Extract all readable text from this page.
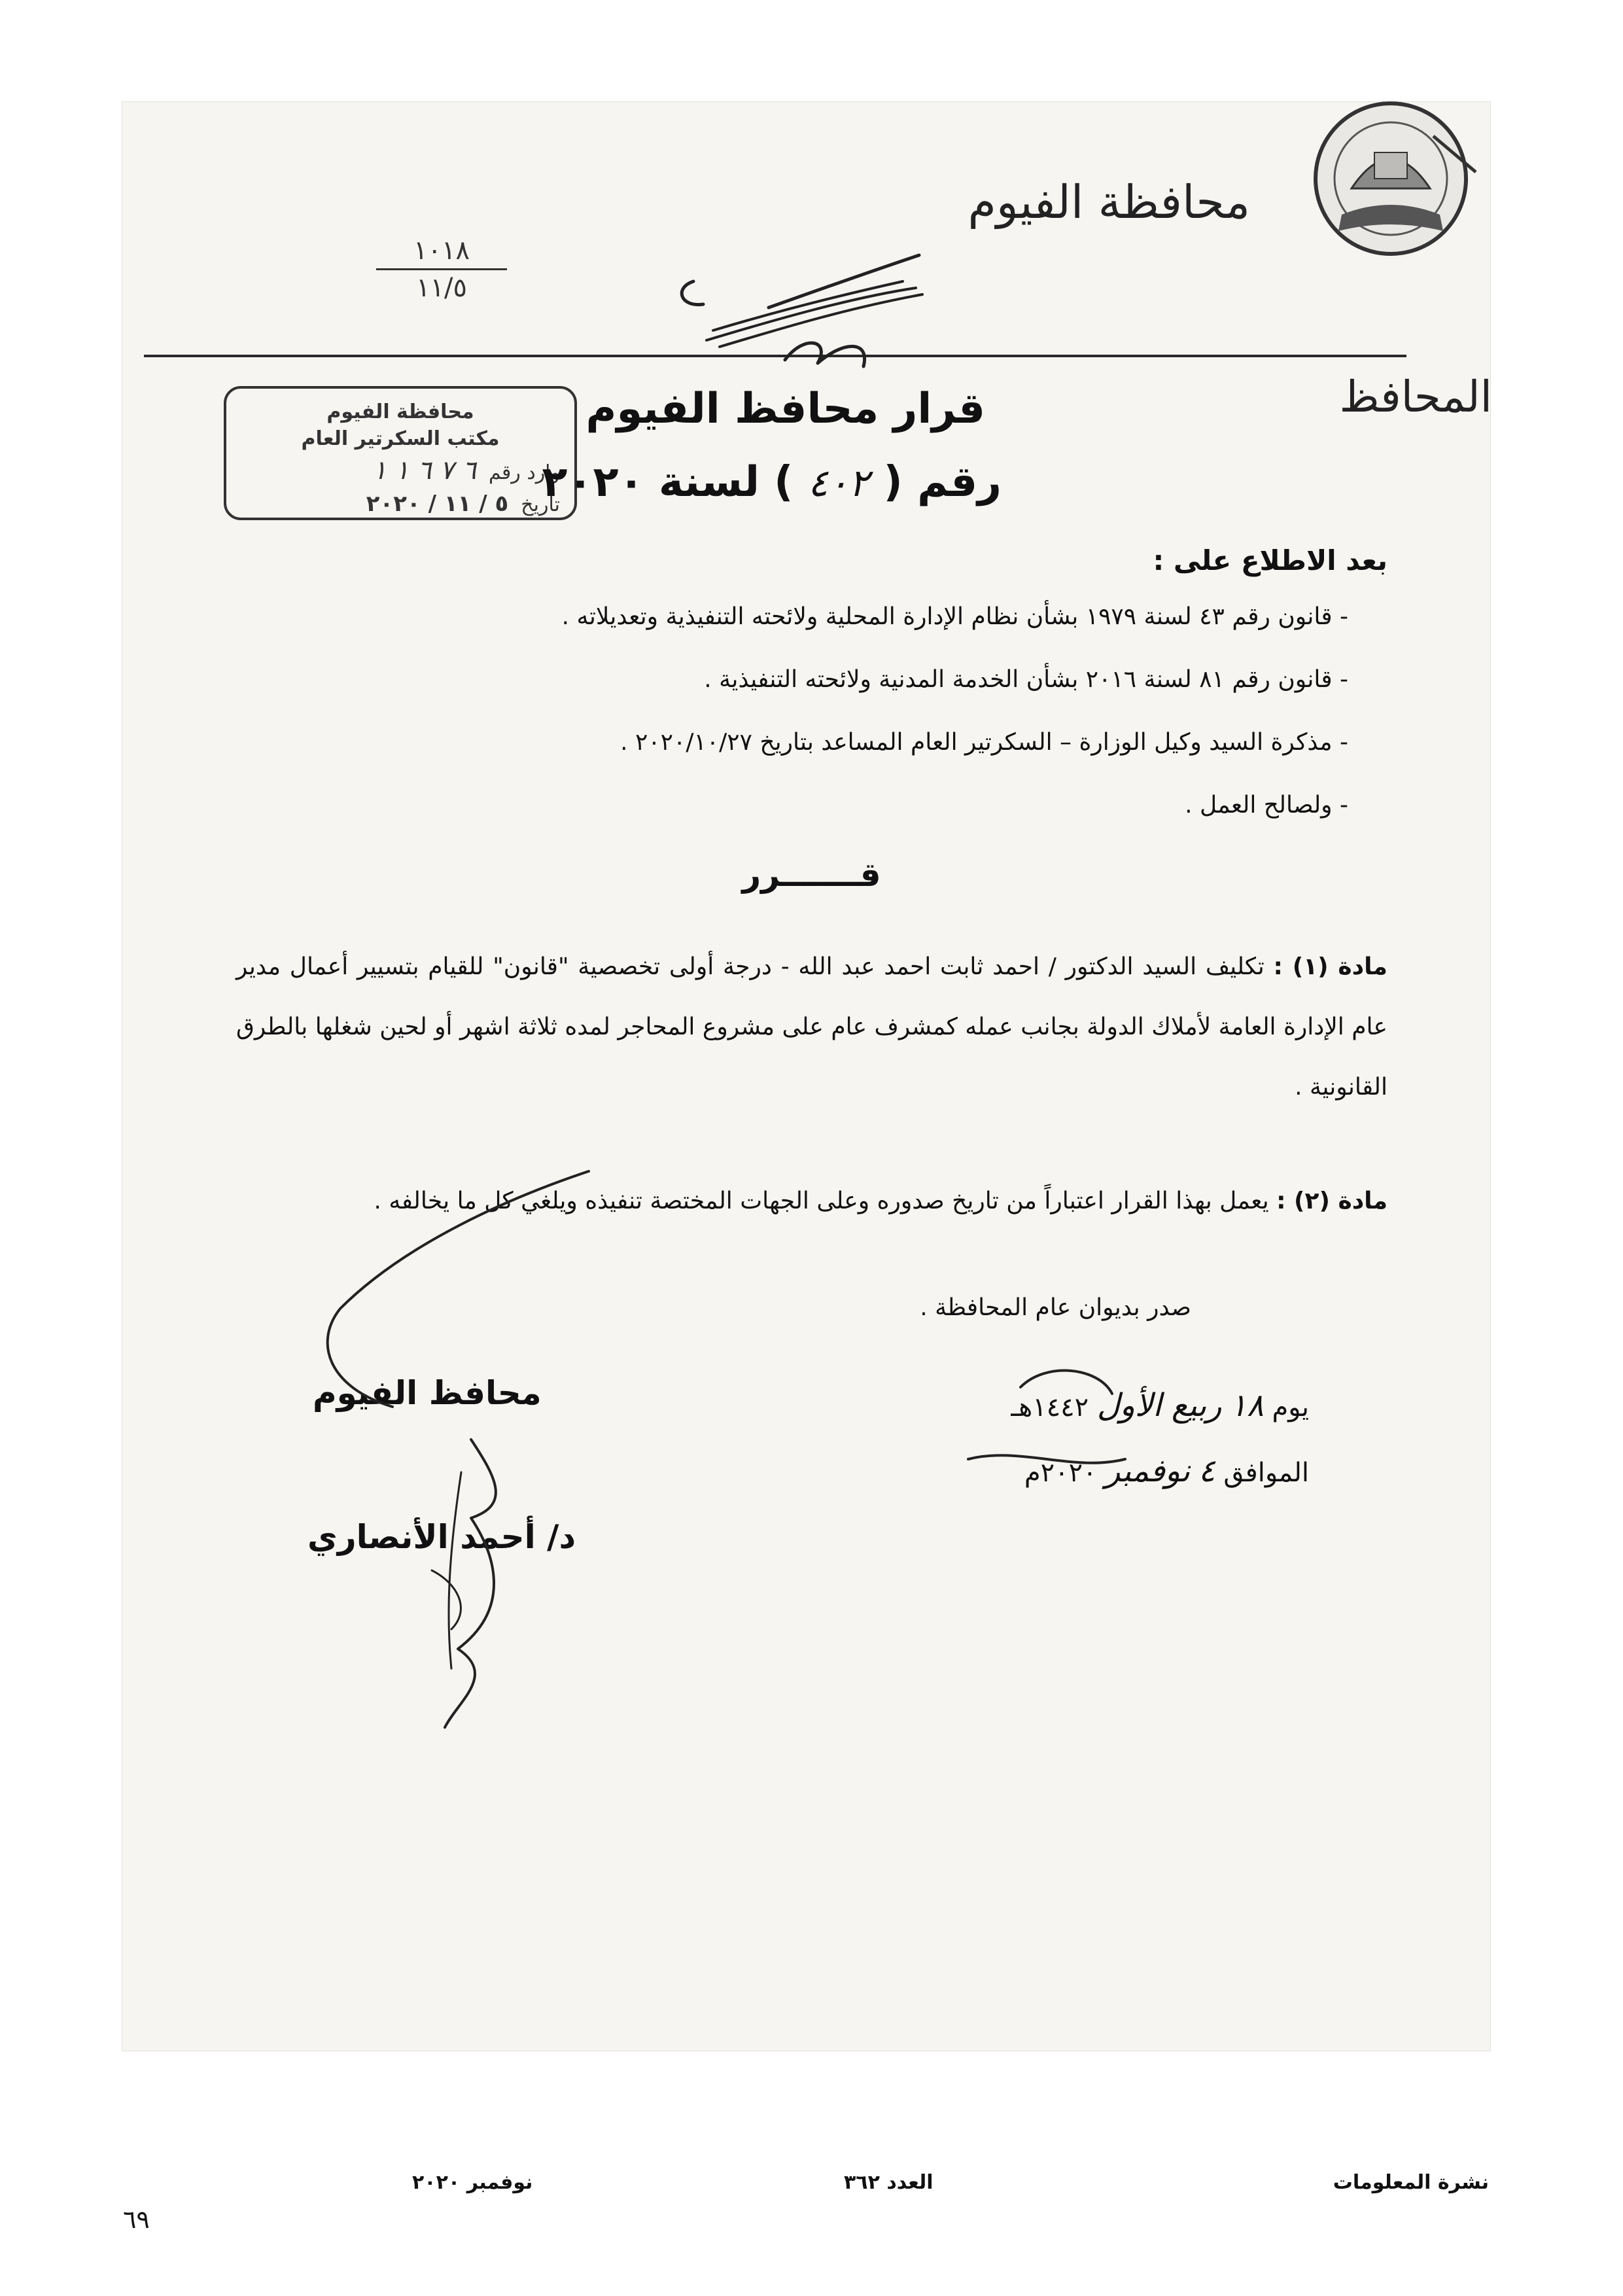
محافظة الفيوم
١٠١٨
١١/٥
المحافظ
محافظة الفيوم
مكتب السكرتير العام
وارد رقم  ٦ ٧ ٦ ١ ١
تاريخ  ٥ / ١١ / ٢٠٢٠
قرار محافظ الفيوم
رقم ( ٤٠٢ ) لسنة ٢٠٢٠
بعد الاطلاع على :
- قانون رقم ٤٣ لسنة ١٩٧٩ بشأن نظام الإدارة المحلية ولائحته التنفيذية وتعديلاته .
- قانون رقم ٨١ لسنة ٢٠١٦ بشأن الخدمة المدنية ولائحته التنفيذية .
- مذكرة السيد وكيل الوزارة – السكرتير العام المساعد بتاريخ ٢٠٢٠/١٠/٢٧ .
- ولصالح العمل .
قـــــــرر
مادة (١) : تكليف السيد الدكتور / احمد ثابت احمد عبد الله - درجة أولى تخصصية "قانون" للقيام بتسيير أعمال مدير عام الإدارة العامة لأملاك الدولة بجانب عمله كمشرف عام على مشروع المحاجر لمده ثلاثة اشهر أو لحين شغلها بالطرق القانونية .
مادة (٢) : يعمل بهذا القرار اعتباراً من تاريخ صدوره وعلى الجهات المختصة تنفيذه ويلغي كل ما يخالفه .
صدر بديوان عام المحافظة .
يوم ١٨ ربيع الأول ١٤٤٢هـ
الموافق ٤ نوفمبر ٢٠٢٠م
محافظ الفيوم
د/ أحمد الأنصاري
نشرة المعلومات
العدد ٣٦٢
نوفمبر ٢٠٢٠
٦٩
